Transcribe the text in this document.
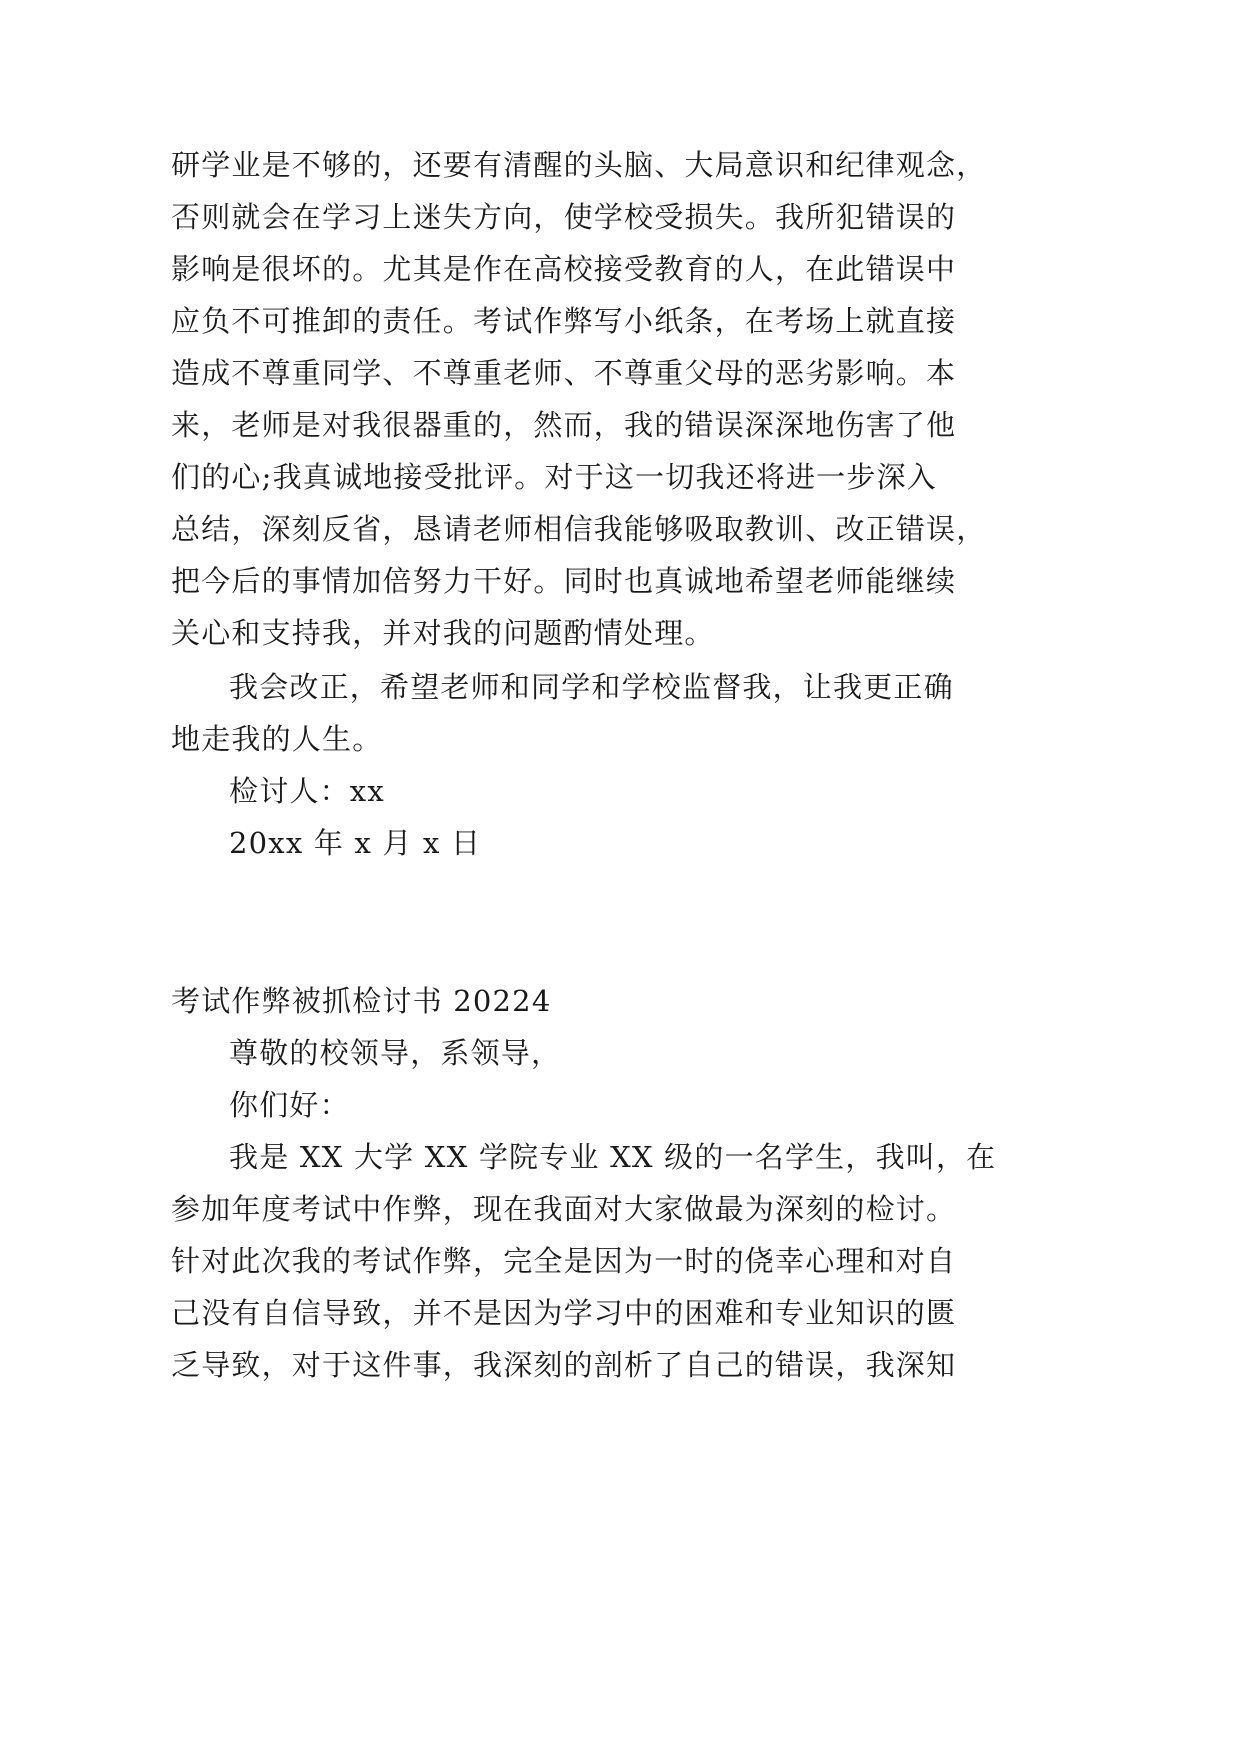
研学业是不够的，还要有清醒的头脑、大局意识和纪律观念，
否则就会在学习上迷失方向，使学校受损失。我所犯错误的
影响是很坏的。尤其是作在高校接受教育的人，在此错误中
应负不可推卸的责任。考试作弊写小纸条，在考场上就直接
造成不尊重同学、不尊重老师、不尊重父母的恶劣影响。本
来，老师是对我很器重的，然而，我的错误深深地伤害了他
们的心;我真诚地接受批评。对于这一切我还将进一步深入
总结，深刻反省，恳请老师相信我能够吸取教训、改正错误，
把今后的事情加倍努力干好。同时也真诚地希望老师能继续
关心和支持我，并对我的问题酌情处理。
我会改正，希望老师和同学和学校监督我，让我更正确
地走我的人生。
检讨人：xx
20xx 年 x 月 x 日
考试作弊被抓检讨书 20224
尊敬的校领导，系领导，
你们好：
我是 XX 大学 XX 学院专业 XX 级的一名学生，我叫，在
参加年度考试中作弊，现在我面对大家做最为深刻的检讨。
针对此次我的考试作弊，完全是因为一时的侥幸心理和对自
己没有自信导致，并不是因为学习中的困难和专业知识的匮
乏导致，对于这件事，我深刻的剖析了自己的错误，我深知
